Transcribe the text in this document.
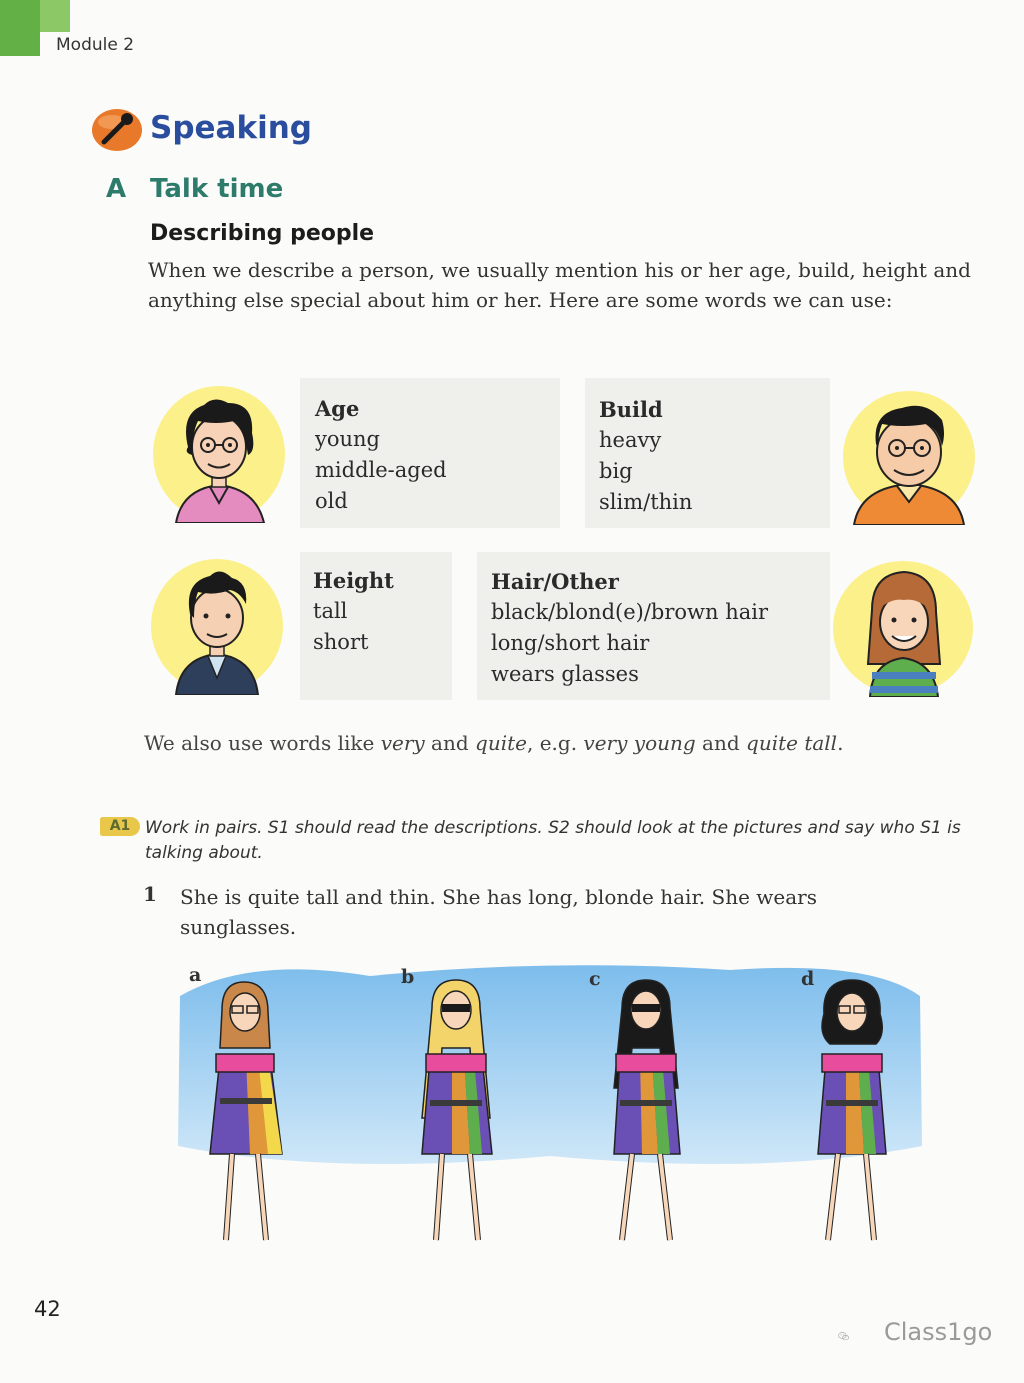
Module 2
Speaking
A Talk time
Describing people
When we describe a person, we usually mention his or her age, build, height and anything else special about him or her. Here are some words we can use:
Age
young
middle-aged
old
Build
heavy
big
slim/thin
Height
tall
short
Hair/Other
black/blond(e)/brown hair
long/short hair
wears glasses
We also use words like very and quite, e.g. very young and quite tall.
A1 Work in pairs. S1 should read the descriptions. S2 should look at the pictures and say who S1 is talking about.
1 She is quite tall and thin. She has long, blonde hair. She wears sunglasses.
a	b	c	d
42
Class1go
